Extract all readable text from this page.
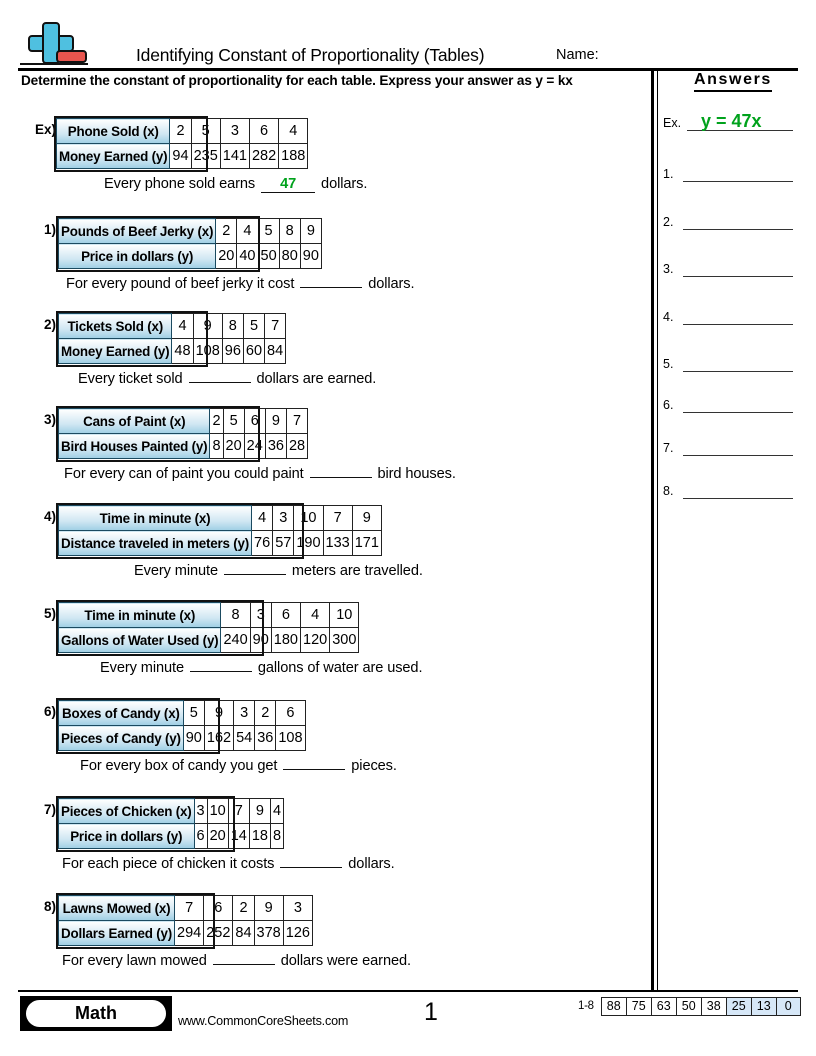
Identifying Constant of Proportionality (Tables)	Name:
Determine the constant of proportionality for each table. Express your answer as y = kx
Ex) Phone Sold (x)	2	5	3	6	4
Money Earned (y)	94	235	141	282	188
Every phone sold earns 47 dollars.
1) Pounds of Beef Jerky (x)	2	4	5	8	9
Price in dollars (y)	20	40	50	80	90
For every pound of beef jerky it cost	dollars.
2) Tickets Sold (x)	4	9	8	5	7
Money Earned (y)	48	108	96	60	84
Every ticket sold	dollars are earned.
3) Cans of Paint (x)	2	5	6	9	7
Bird Houses Painted (y)	8	20	24	36	28
For every can of paint you could paint	bird houses.
4)	Time in minute (x)	4	3	10	7	9
Distance traveled in meters (y)	76	57	190	133	171
Every minute	meters are travelled.
5) Time in minute (x)	8	3	6	4	10
Gallons of Water Used (y)	240	90	180	120	300
Every minute	gallons of water are used.
6) Boxes of Candy (x)	5	9	3	2	6
Pieces of Candy (y)	90	162	54	36	108
For every box of candy you get	pieces.
7) Pieces of Chicken (x)	3	10	7	9	4
Price in dollars (y)	6	20	14	18	8
For each piece of chicken it costs	dollars.
8) Lawns Mowed (x)	7	6	2	9	3
Dollars Earned (y)	294	252	84	378	126
For every lawn mowed	dollars were earned.
Answers
Ex. y = 47x
1.
2.
3.
4.
5.
6.
7.
8.
Math	www.CommonCoreSheets.com	1	1-8	88 75 63 50 38 25 13	0
